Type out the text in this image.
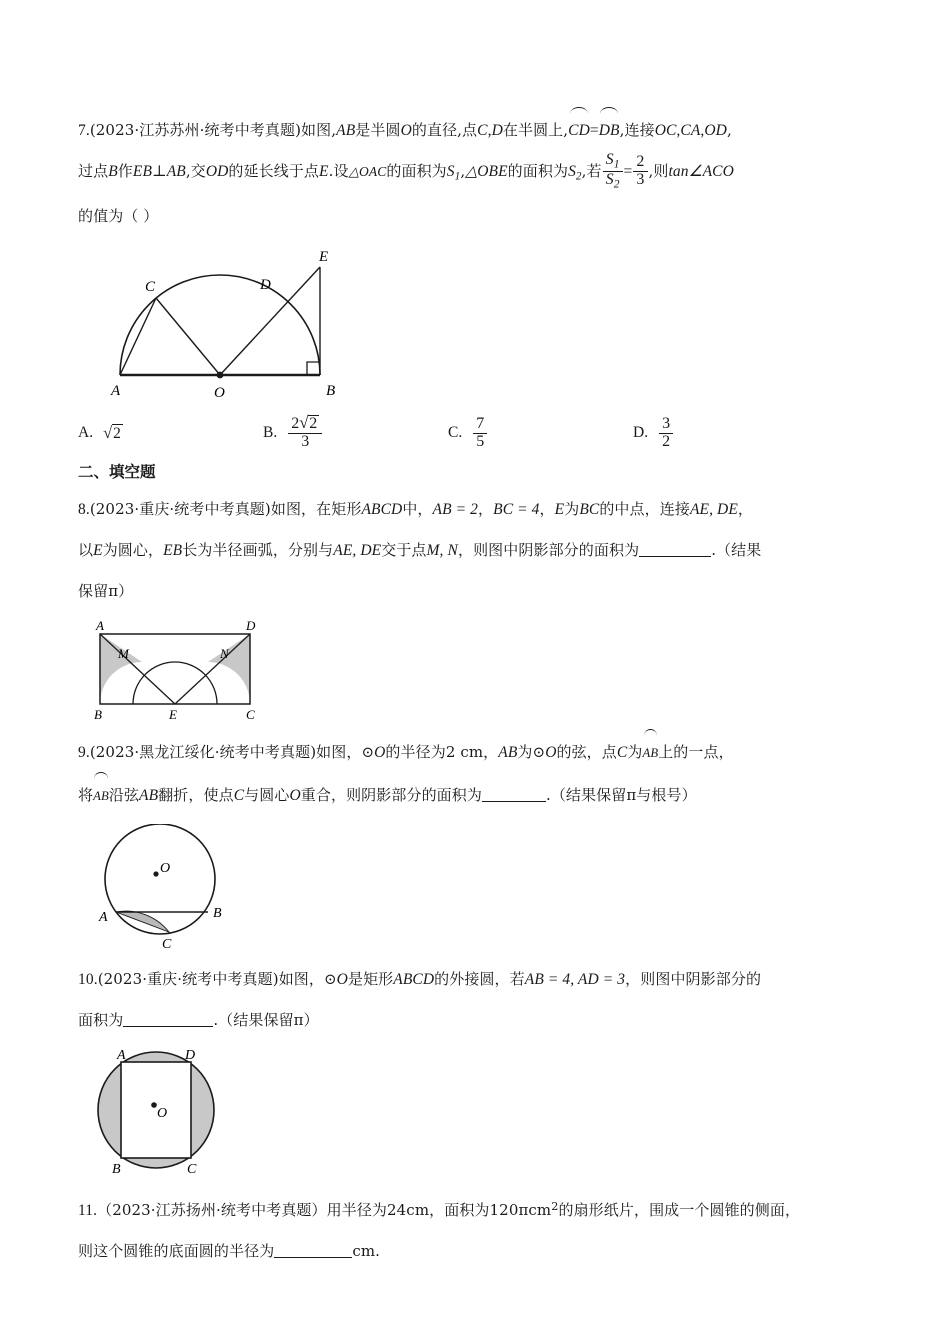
7.(2023·江苏苏州·统考中考真题)如图,AB是半圆O的直径,点C,D在半圆上,CD=DB,连接OC,CA,OD,
过点B作EB⊥AB,交OD的延长线于点E.设△OAC的面积为$S_1,\triangle OBE$的面积为$S_2$,若 $\frac{S_1}{S_2} = \frac{2}{3}$ ,则tan∠ACO
的值为（ ）
E
C	D
A	O	B
A.	√ 2	B. $\frac{2 √ 2}{3}$	C. $\frac{7}{5}$	D. $\frac{3}{2}$
二、填空题
8.(2023·重庆·统考中考真题)如图，在矩形ABCD中，AB = 2，BC = 4，E为BC的中点，连接AE, DE，
以E为圆心，EB长为半径画弧，分别与AE, DE交于点M, N，则图中阴影部分的面积为	.（结果
保留π）
A	D
M	N
B	E	C
9.(2023·黑龙江绥化·统考中考真题)如图，⊙O的半径为2 cm，AB为⊙O的弦，点C为AB上的一点，
将AB沿弦AB翻折，使点C与圆心O重合，则阴影部分的面积为	.（结果保留π与根号）
O
A	B
C
10.(2023·重庆·统考中考真题)如图，⊙O是矩形ABCD的外接圆，若AB = 4, AD = 3，则图中阴影部分的
面积为	.（结果保留π）
O
A	D
B	C
11.（2023·江苏扬州·统考中考真题）用半径为24cm，面积为120πcm$^2$的扇形纸片，围成一个圆锥的侧面，
则这个圆锥的底面圆的半径为	cm.
